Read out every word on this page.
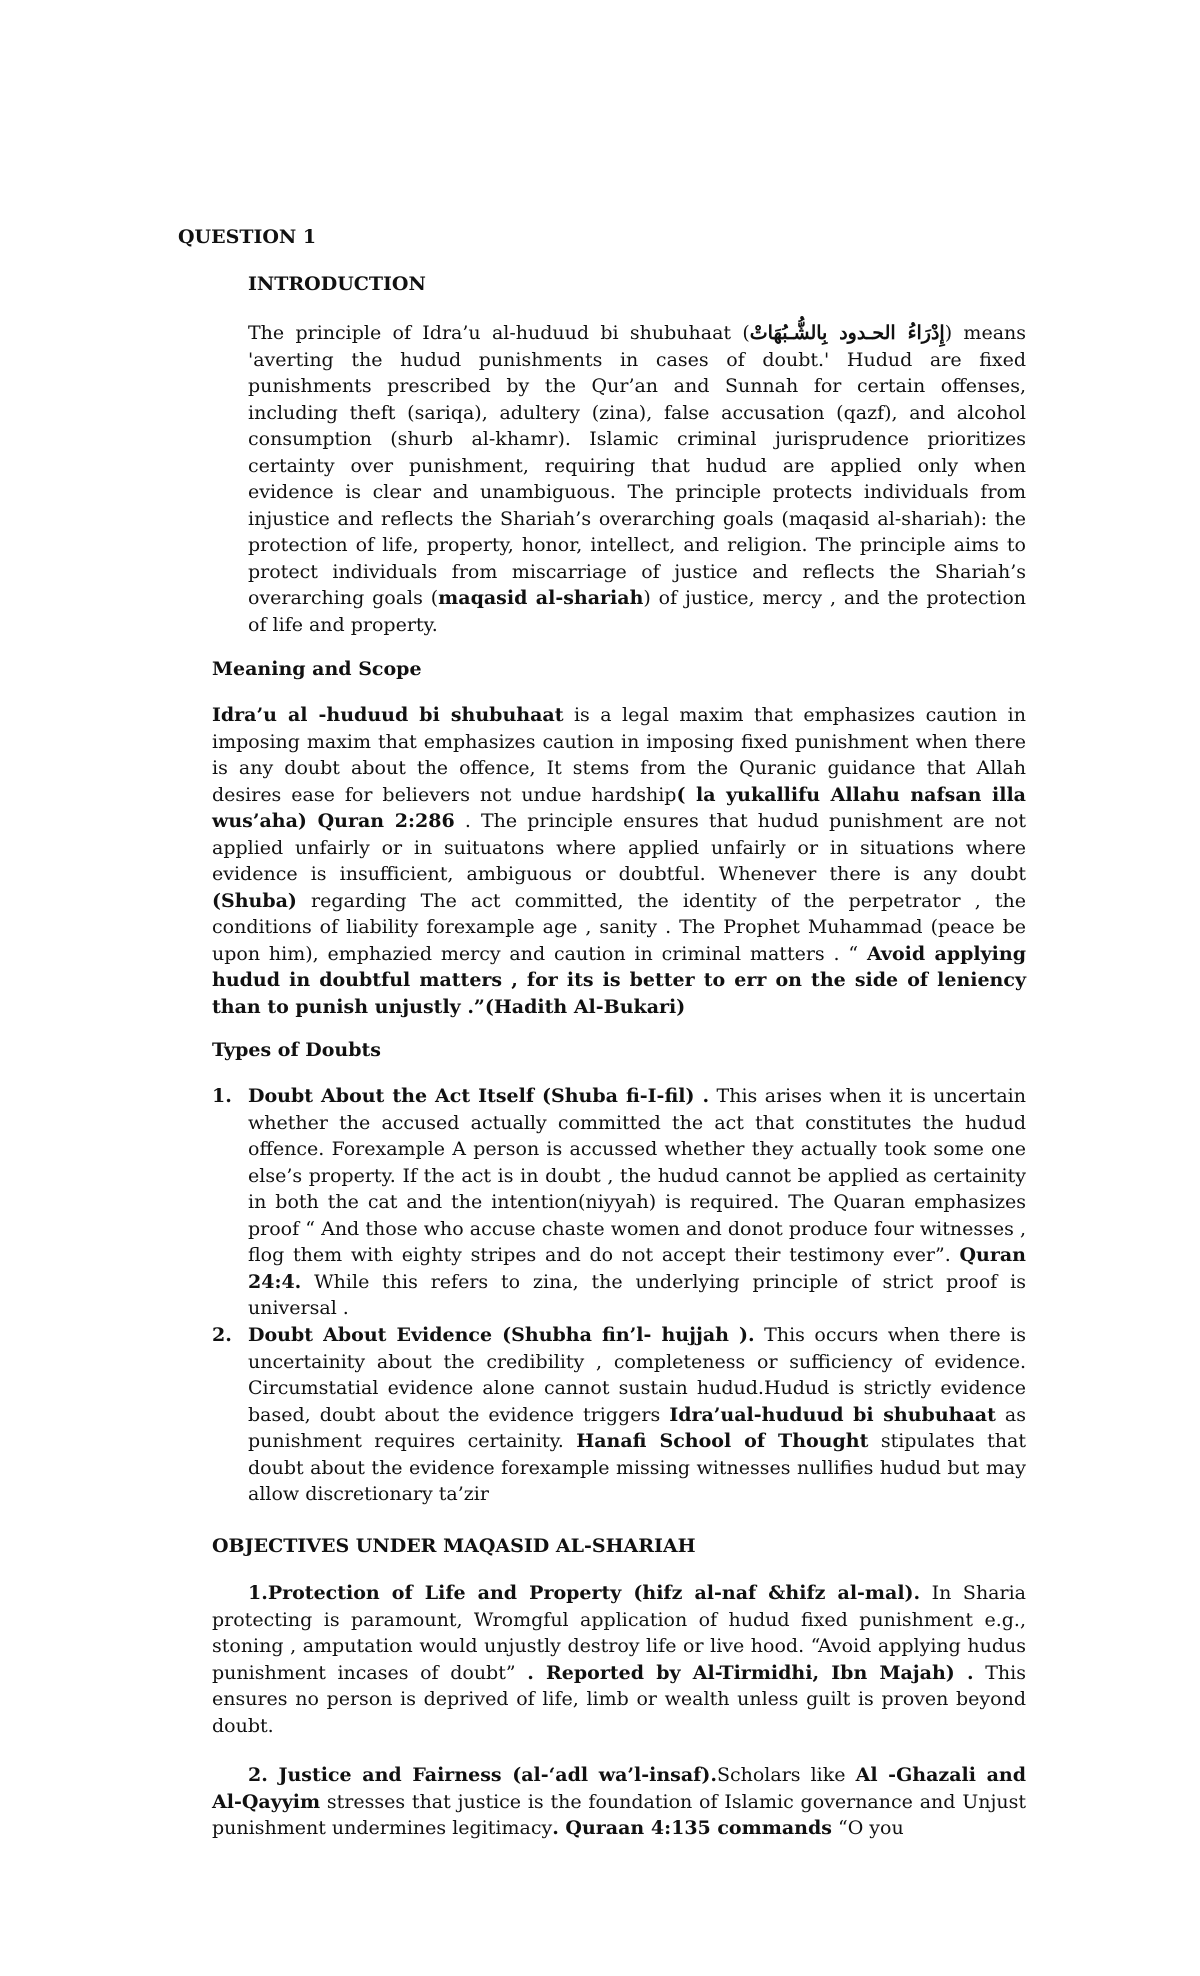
QUESTION 1
INTRODUCTION
The principle of Idra’u al-huduud bi shubuhaat (إِدْرَاءُ الحـدود بِالشُّـبُهَاتْ) means 'averting the hudud punishments in cases of doubt.' Hudud are fixed punishments prescribed by the Qur’an and Sunnah for certain offenses, including theft (sariqa), adultery (zina), false accusation (qazf), and alcohol consumption (shurb al-khamr). Islamic criminal jurisprudence prioritizes certainty over punishment, requiring that hudud are applied only when evidence is clear and unambiguous. The principle protects individuals from injustice and reflects the Shariah’s overarching goals (maqasid al-shariah): the protection of life, property, honor, intellect, and religion. The principle aims to protect individuals from miscarriage of justice and reflects the Shariah’s overarching goals (maqasid al-shariah) of justice, mercy , and the protection of life and property.
Meaning and Scope
Idra’u al -huduud bi shubuhaat is a legal maxim that emphasizes caution in imposing maxim that emphasizes caution in imposing fixed punishment when there is any doubt about the offence, It stems from the Quranic guidance that Allah desires ease for believers not undue hardship( la yukallifu Allahu nafsan illa wus’aha) Quran 2:286 . The principle ensures that hudud punishment are not applied unfairly or in suituatons where applied unfairly or in situations where evidence is insufficient, ambiguous or doubtful. Whenever there is any doubt (Shuba) regarding The act committed, the identity of the perpetrator , the conditions of liability forexample age , sanity . The Prophet Muhammad (peace be upon him), emphazied mercy and caution in criminal matters . “ Avoid applying hudud in doubtful matters , for its is better to err on the side of leniency than to punish unjustly .”(Hadith Al-Bukari)
Types of Doubts
1. Doubt About the Act Itself (Shuba fi-I-fil) . This arises when it is uncertain whether the accused actually committed the act that constitutes the hudud offence. Forexample A person is accussed whether they actually took some one else’s property. If the act is in doubt , the hudud cannot be applied as certainity in both the cat and the intention(niyyah) is required. The Quaran emphasizes proof “ And those who accuse chaste women and donot produce four witnesses , flog them with eighty stripes and do not accept their testimony ever”. Quran 24:4. While this refers to zina, the underlying principle of strict proof is universal .
2. Doubt About Evidence (Shubha fin’l- hujjah ). This occurs when there is uncertainity about the credibility , completeness or sufficiency of evidence. Circumstatial evidence alone cannot sustain hudud.Hudud is strictly evidence based, doubt about the evidence triggers Idra’ual-huduud bi shubuhaat as punishment requires certainity. Hanafi School of Thought stipulates that doubt about the evidence forexample missing witnesses nullifies hudud but may allow discretionary ta’zir
OBJECTIVES UNDER MAQASID AL-SHARIAH
1.Protection of Life and Property (hifz al-naf &hifz al-mal). In Sharia protecting is paramount, Wromgful application of hudud fixed punishment e.g., stoning , amputation would unjustly destroy life or live hood. “Avoid applying hudus punishment incases of doubt” . Reported by Al-Tirmidhi, Ibn Majah) . This ensures no person is deprived of life, limb or wealth unless guilt is proven beyond doubt.
2. Justice and Fairness (al-‘adl wa’l-insaf).Scholars like Al -Ghazali and Al-Qayyim stresses that justice is the foundation of Islamic governance and Unjust punishment undermines legitimacy. Quraan 4:135 commands “O you
